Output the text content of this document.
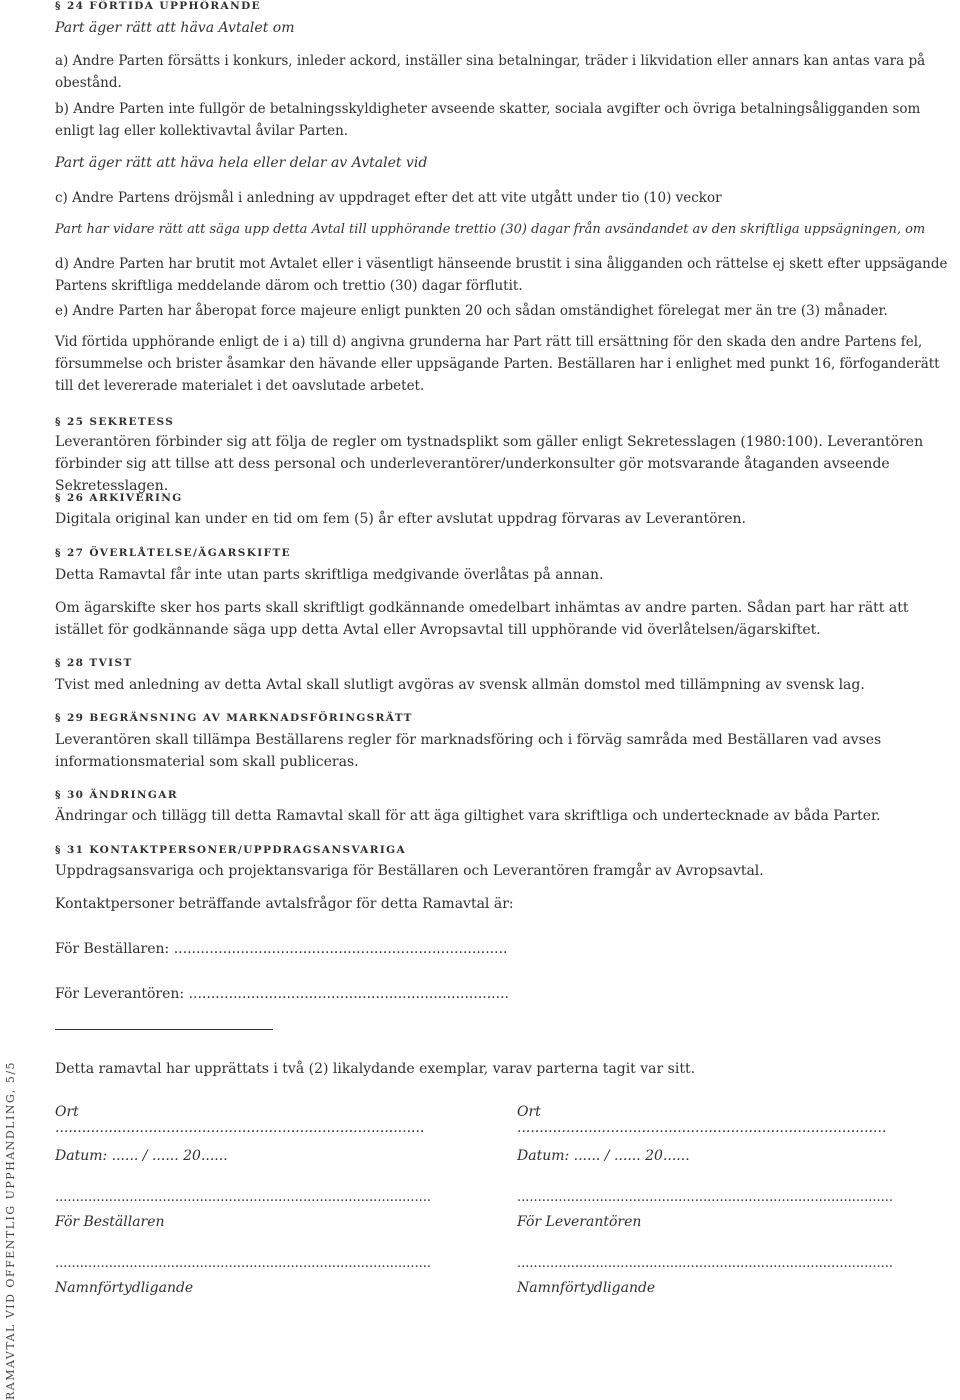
RAMAVTAL VID OFFENTLIG UPPHANDLING, 5/5
§ 24 FÖRTIDA UPPHÖRANDE
Part äger rätt att häva Avtalet om

a) Andre Parten försätts i konkurs, inleder ackord, inställer sina betalningar, träder i likvidation eller annars kan antas vara på obestånd.

b) Andre Parten inte fullgör de betalningsskyldigheter avseende skatter, sociala avgifter och övriga betalningsåligganden som enligt lag eller kollektivavtal åvilar Parten.

Part äger rätt att häva hela eller delar av Avtalet vid

c) Andre Partens dröjsmål i anledning av uppdraget efter det att vite utgått under tio (10) veckor

Part har vidare rätt att säga upp detta Avtal till upphörande trettio (30) dagar från avsändandet av den skriftliga uppsägningen, om

d) Andre Parten har brutit mot Avtalet eller i väsentligt hänseende brustit i sina åligganden och rättelse ej skett efter uppsägande Partens skriftliga meddelande därom och trettio (30) dagar förflutit.

e) Andre Parten har åberopat force majeure enligt punkten 20 och sådan omständighet förelegat mer än tre (3) månader.

Vid förtida upphörande enligt de i a) till d) angivna grunderna har Part rätt till ersättning för den skada den andre Partens fel, försummelse och brister åsamkar den hävande eller uppsägande Parten. Beställaren har i enlighet med punkt 16, förfoganderätt till det levererade materialet i det oavslutade arbetet.

§ 25 SEKRETESS

Leverantören förbinder sig att följa de regler om tystnadsplikt som gäller enligt Sekretesslagen (1980:100). Leverantören förbinder sig att tillse att dess personal och underleverantörer/underkonsulter gör motsvarande åtaganden avseende Sekretesslagen.

§ 26 ARKIVERING

Digitala original kan under en tid om fem (5) år efter avslutat uppdrag förvaras av Leverantören.

§ 27 ÖVERLÅTELSE/ÄGARSKIFTE

Detta Ramavtal får inte utan parts skriftliga medgivande överlåtas på annan.

Om ägarskifte sker hos parts skall skriftligt godkännande omedelbart inhämtas av andre parten. Sådan part har rätt att istället för godkännande säga upp detta Avtal eller Avropsavtal till upphörande vid överlåtelsen/ägarskiftet.

§ 28 TVIST

Tvist med anledning av detta Avtal skall slutligt avgöras av svensk allmän domstol med tillämpning av svensk lag.

§ 29 BEGRÄNSNING AV MARKNADSFÖRINGSRÄTT

Leverantören skall tillämpa Beställarens regler för marknadsföring och i förväg samråda med Beställaren vad avses informationsmaterial som skall publiceras.

§ 30 ÄNDRINGAR

Ändringar och tillägg till detta Ramavtal skall för att äga giltighet vara skriftliga och undertecknade av båda Parter.

§ 31 KONTAKTPERSONER/UPPDRAGSANSVARIGA

Uppdragsansvariga och projektansvariga för Beställaren och Leverantören framgår av Avropsavtal.

Kontaktpersoner beträffande avtalsfrågor för detta Ramavtal är:

För Beställaren: ...........................................................................

För Leverantören: ........................................................................

Detta ramavtal har upprättats i två (2) likalydande exemplar, varav parterna tagit var sitt.

Ort ...................................................................................
Datum: ...... / ...... 20......
...........................................................................................
För Beställaren
...........................................................................................
Namnförtydligande
Ort ...................................................................................
Datum: ...... / ...... 20......
...........................................................................................
För Leverantören
...........................................................................................
Namnförtydligande
